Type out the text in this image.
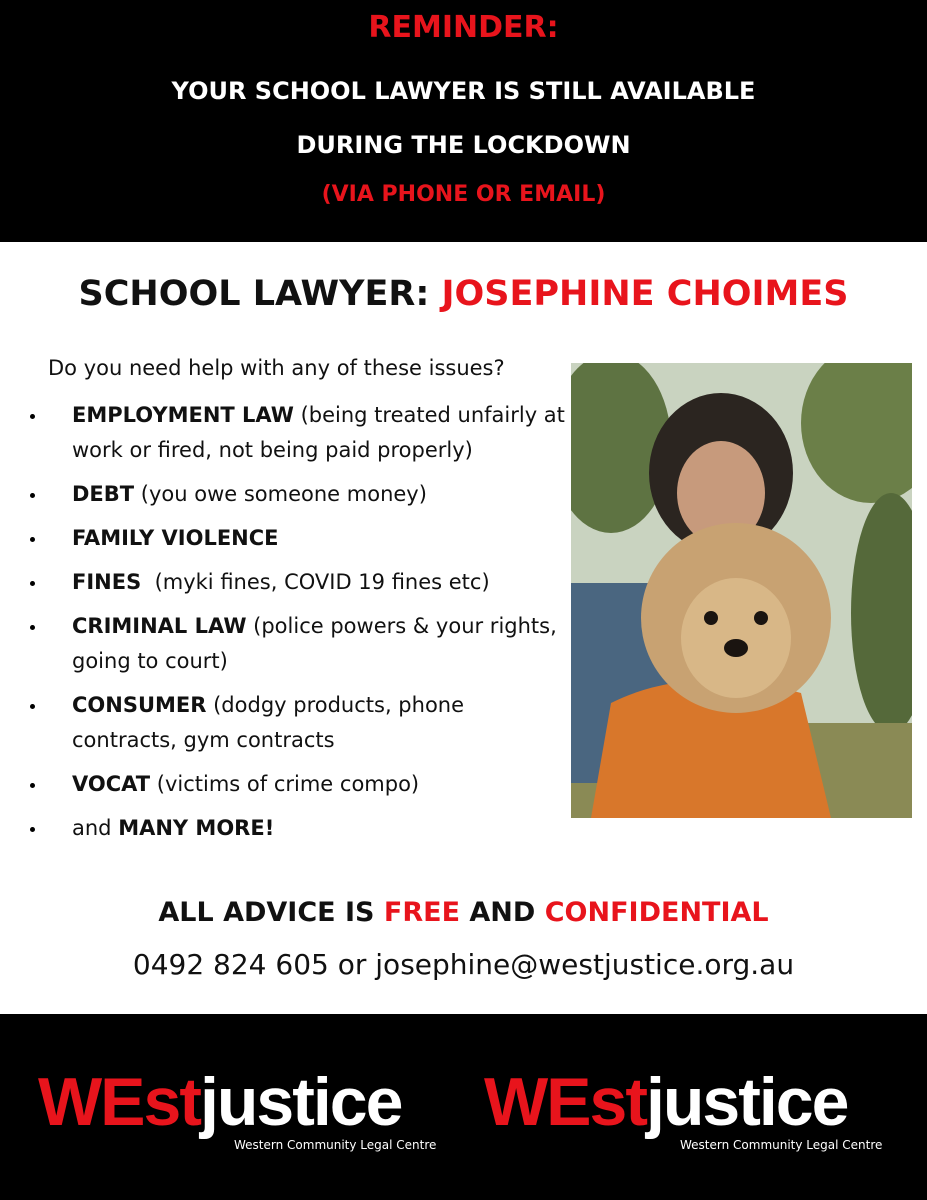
REMINDER:
YOUR SCHOOL LAWYER IS STILL AVAILABLE
DURING THE LOCKDOWN
(VIA PHONE OR EMAIL)
SCHOOL LAWYER: JOSEPHINE CHOIMES
Do you need help with any of these issues?
EMPLOYMENT LAW (being treated unfairly at work or fired, not being paid properly)
DEBT (you owe someone money)
FAMILY VIOLENCE
FINES  (myki fines, COVID 19 fines etc)
CRIMINAL LAW (police powers & your rights, going to court)
CONSUMER (dodgy products, phone contracts, gym contracts
VOCAT (victims of crime compo)
and MANY MORE!
ALL ADVICE IS FREE AND CONFIDENTIAL
0492 824 605 or josephine@westjustice.org.au
WEstjustice
Western Community Legal Centre
WEstjustice
Western Community Legal Centre
